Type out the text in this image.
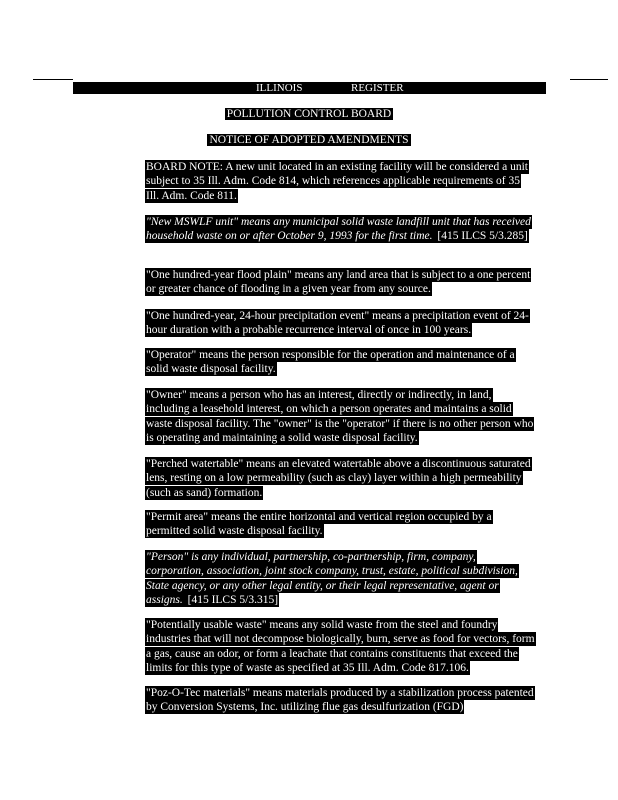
ILLINOIS	REGISTER
POLLUTION CONTROL BOARD
NOTICE OF ADOPTED AMENDMENTS
BOARD NOTE: A new unit located in an existing facility will be considered a unit subject to 35 Ill. Adm. Code 814, which references applicable requirements of 35 Ill. Adm. Code 811.
"New MSWLF unit" means any municipal solid waste landfill unit that has received household waste on or after October 9, 1993 for the first time. [415 ILCS 5/3.285]
"One hundred-year flood plain" means any land area that is subject to a one percent or greater chance of flooding in a given year from any source.
"One hundred-year, 24-hour precipitation event" means a precipitation event of 24-hour duration with a probable recurrence interval of once in 100 years.
"Operator" means the person responsible for the operation and maintenance of a solid waste disposal facility.
"Owner" means a person who has an interest, directly or indirectly, in land, including a leasehold interest, on which a person operates and maintains a solid waste disposal facility. The "owner" is the "operator" if there is no other person who is operating and maintaining a solid waste disposal facility.
"Perched watertable" means an elevated watertable above a discontinuous saturated lens, resting on a low permeability (such as clay) layer within a high permeability (such as sand) formation.
"Permit area" means the entire horizontal and vertical region occupied by a permitted solid waste disposal facility.
"Person" is any individual, partnership, co-partnership, firm, company, corporation, association, joint stock company, trust, estate, political subdivision, State agency, or any other legal entity, or their legal representative, agent or assigns. [415 ILCS 5/3.315]
"Potentially usable waste" means any solid waste from the steel and foundry industries that will not decompose biologically, burn, serve as food for vectors, form a gas, cause an odor, or form a leachate that contains constituents that exceed the limits for this type of waste as specified at 35 Ill. Adm. Code 817.106.
"Poz-O-Tec materials" means materials produced by a stabilization process patented by Conversion Systems, Inc. utilizing flue gas desulfurization (FGD)
